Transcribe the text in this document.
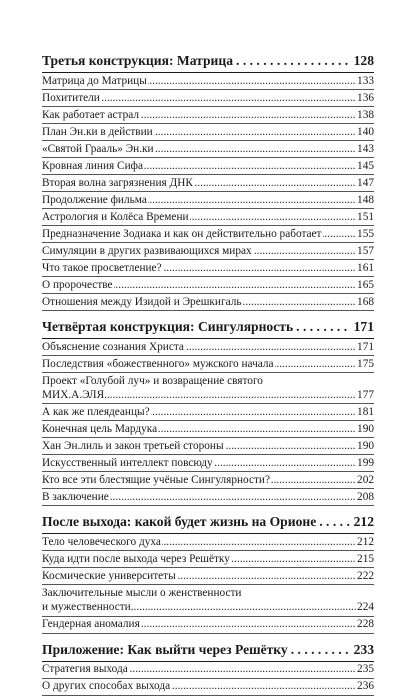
Третья конструкция: Матрица . . .	128
Матрица до Матрицы .....	133
Похитители .....	136
Как работает астрал .....	138
План Эн.ки в действии .....	140
«Святой Грааль» Эн.ки .....	143
Кровная линия Сифа .....	145
Вторая волна загрязнения ДНК .....	147
Продолжение фильма .....	148
Астрология и Колёса Времени .....	151
Предназначение Зодиака и как он действительно работает .....	155
Симуляции в других развивающихся мирах .....	157
Что такое просветление? .....	161
О пророчестве .....	165
Отношения между Изидой и Эрешкигаль .....	168
Четвёртая конструкция: Сингулярность . . .	171
Объяснение сознания Христа .....	171
Последствия «божественного» мужского начала .....	175
Проект «Голубой луч» и возвращение святого
МИХ.А.ЭЛЯ .....	177
А как же плеядеанцы? .....	181
Конечная цель Мардука .....	190
Хан Эн.лиль и закон третьей стороны .....	190
Искусственный интеллект повсюду .....	199
Кто все эти блестящие учёные Сингулярности? .....	202
В заключение .....	208
После выхода: какой будет жизнь на Орионе . . .	212
Тело человеческого духа .....	212
Куда идти после выхода через Решётку .....	215
Космические университеты .....	222
Заключительные мысли о женственности
и мужественности .....	224
Гендерная аномалия .....	228
Приложение: Как выйти через Решётку . . .	233
Стратегия выхода .....	235
О других способах выхода .....	236
